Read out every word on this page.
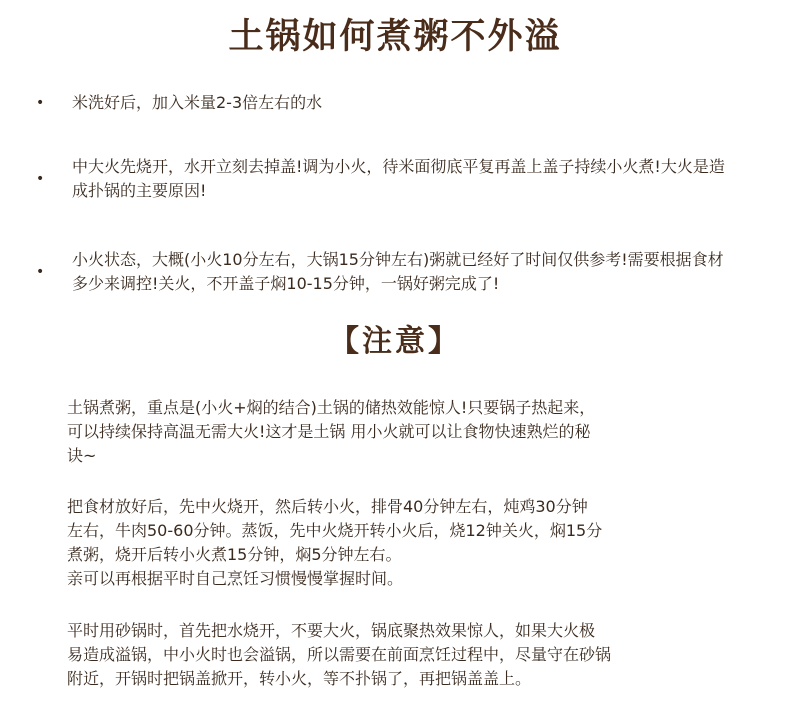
土锅如何煮粥不外溢
•	米洗好后，加入米量2-3倍左右的水
•
中大火先烧开，水开立刻去掉盖!调为小火，待米面彻底平复再盖上盖子持续小火煮!大火是造成扑锅的主要原因!
•
小火状态，大概(小火10分左右，大锅15分钟左右)粥就已经好了时间仅供参考!需要根据食材多少来调控!关火，不开盖子焖10-15分钟，一锅好粥完成了!
【注意】
土锅煮粥，重点是(小火+焖的结合)土锅的储热效能惊人!只要锅子热起来，
可以持续保持高温无需大火!这才是土锅 用小火就可以让食物快速熟烂的秘
诀~
把食材放好后，先中火烧开，然后转小火，排骨40分钟左右，炖鸡30分钟
左右，牛肉50-60分钟。蒸饭，先中火烧开转小火后，烧12钟关火，焖15分
煮粥，烧开后转小火煮15分钟，焖5分钟左右。
亲可以再根据平时自己烹饪习惯慢慢掌握时间。
平时用砂锅时，首先把水烧开，不要大火，锅底聚热效果惊人，如果大火极
易造成溢锅，中小火时也会溢锅，所以需要在前面烹饪过程中，尽量守在砂锅
附近，开锅时把锅盖掀开，转小火，等不扑锅了，再把锅盖盖上。
